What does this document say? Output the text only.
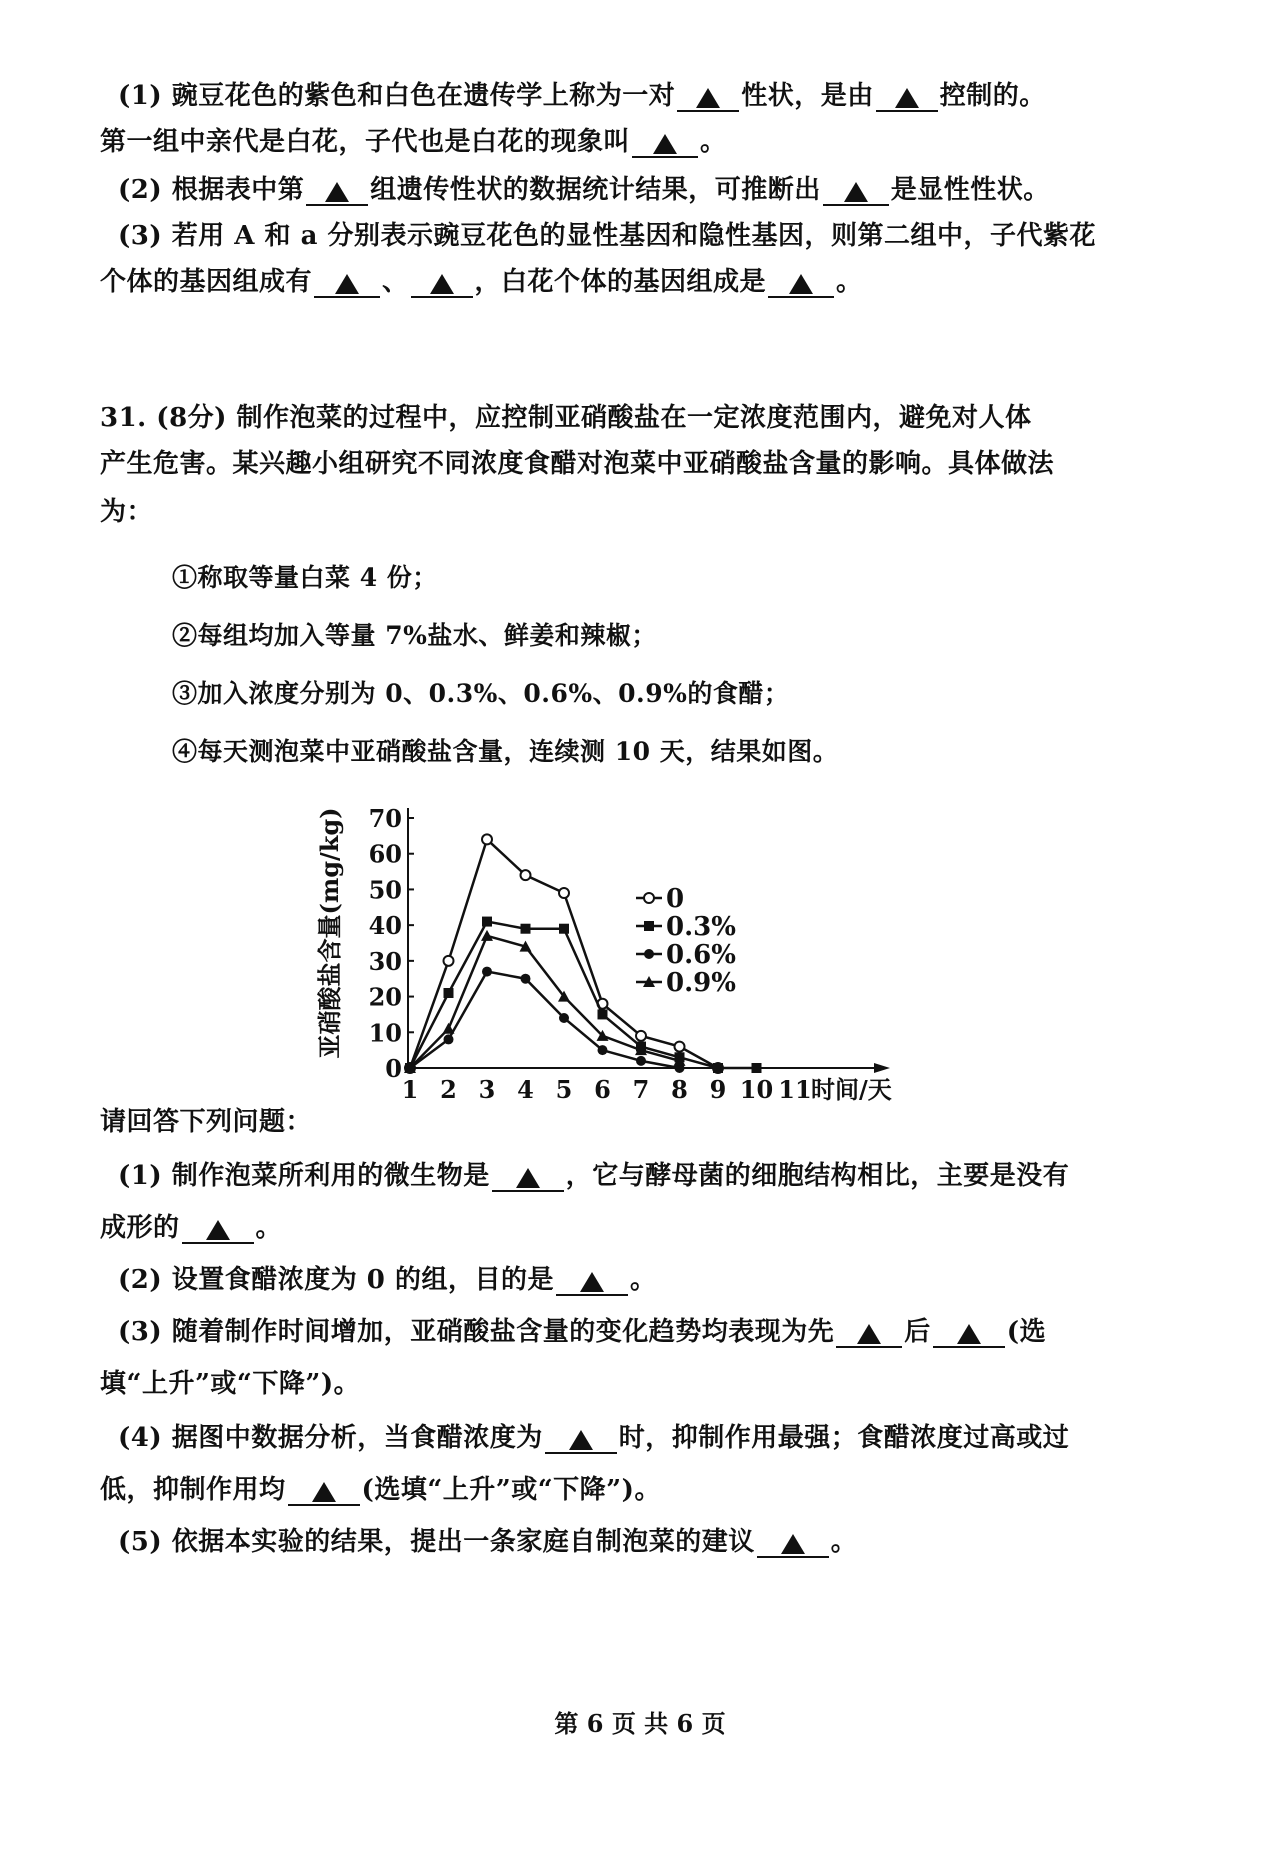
(1) 豌豆花色的紫色和白色在遗传学上称为一对	性状，是由	控制的。
第一组中亲代是白花，子代也是白花的现象叫	。
(2) 根据表中第	组遗传性状的数据统计结果，可推断出	是显性性状。
(3) 若用 A 和 a 分别表示豌豆花色的显性基因和隐性基因，则第二组中，子代紫花
个体的基因组成有	、	，白花个体的基因组成是	。
31. (8分) 制作泡菜的过程中，应控制亚硝酸盐在一定浓度范围内，避免对人体
产生危害。某兴趣小组研究不同浓度食醋对泡菜中亚硝酸盐含量的影响。具体做法
为：
①称取等量白菜 4 份；
②每组均加入等量 7%盐水、鲜姜和辣椒；
③加入浓度分别为 0、0.3%、0.6%、0.9%的食醋；
④每天测泡菜中亚硝酸盐含量，连续测 10 天，结果如图。
0
10
20
30
40
50
60
70
1 2 3 4 5 6 7 8 9 10 11 时间/天
亚硝酸盐含量(mg/kg)	0
0.3%
0.6%
0.9%
请回答下列问题：
(1) 制作泡菜所利用的微生物是	，它与酵母菌的细胞结构相比，主要是没有
成形的	。
(2) 设置食醋浓度为 0 的组，目的是	。
(3) 随着制作时间增加，亚硝酸盐含量的变化趋势均表现为先	后	(选
填“上升”或“下降”)。
(4) 据图中数据分析，当食醋浓度为	时，抑制作用最强；食醋浓度过高或过
低，抑制作用均	(选填“上升”或“下降”)。
(5) 依据本实验的结果，提出一条家庭自制泡菜的建议	。
第 6 页 共 6 页
